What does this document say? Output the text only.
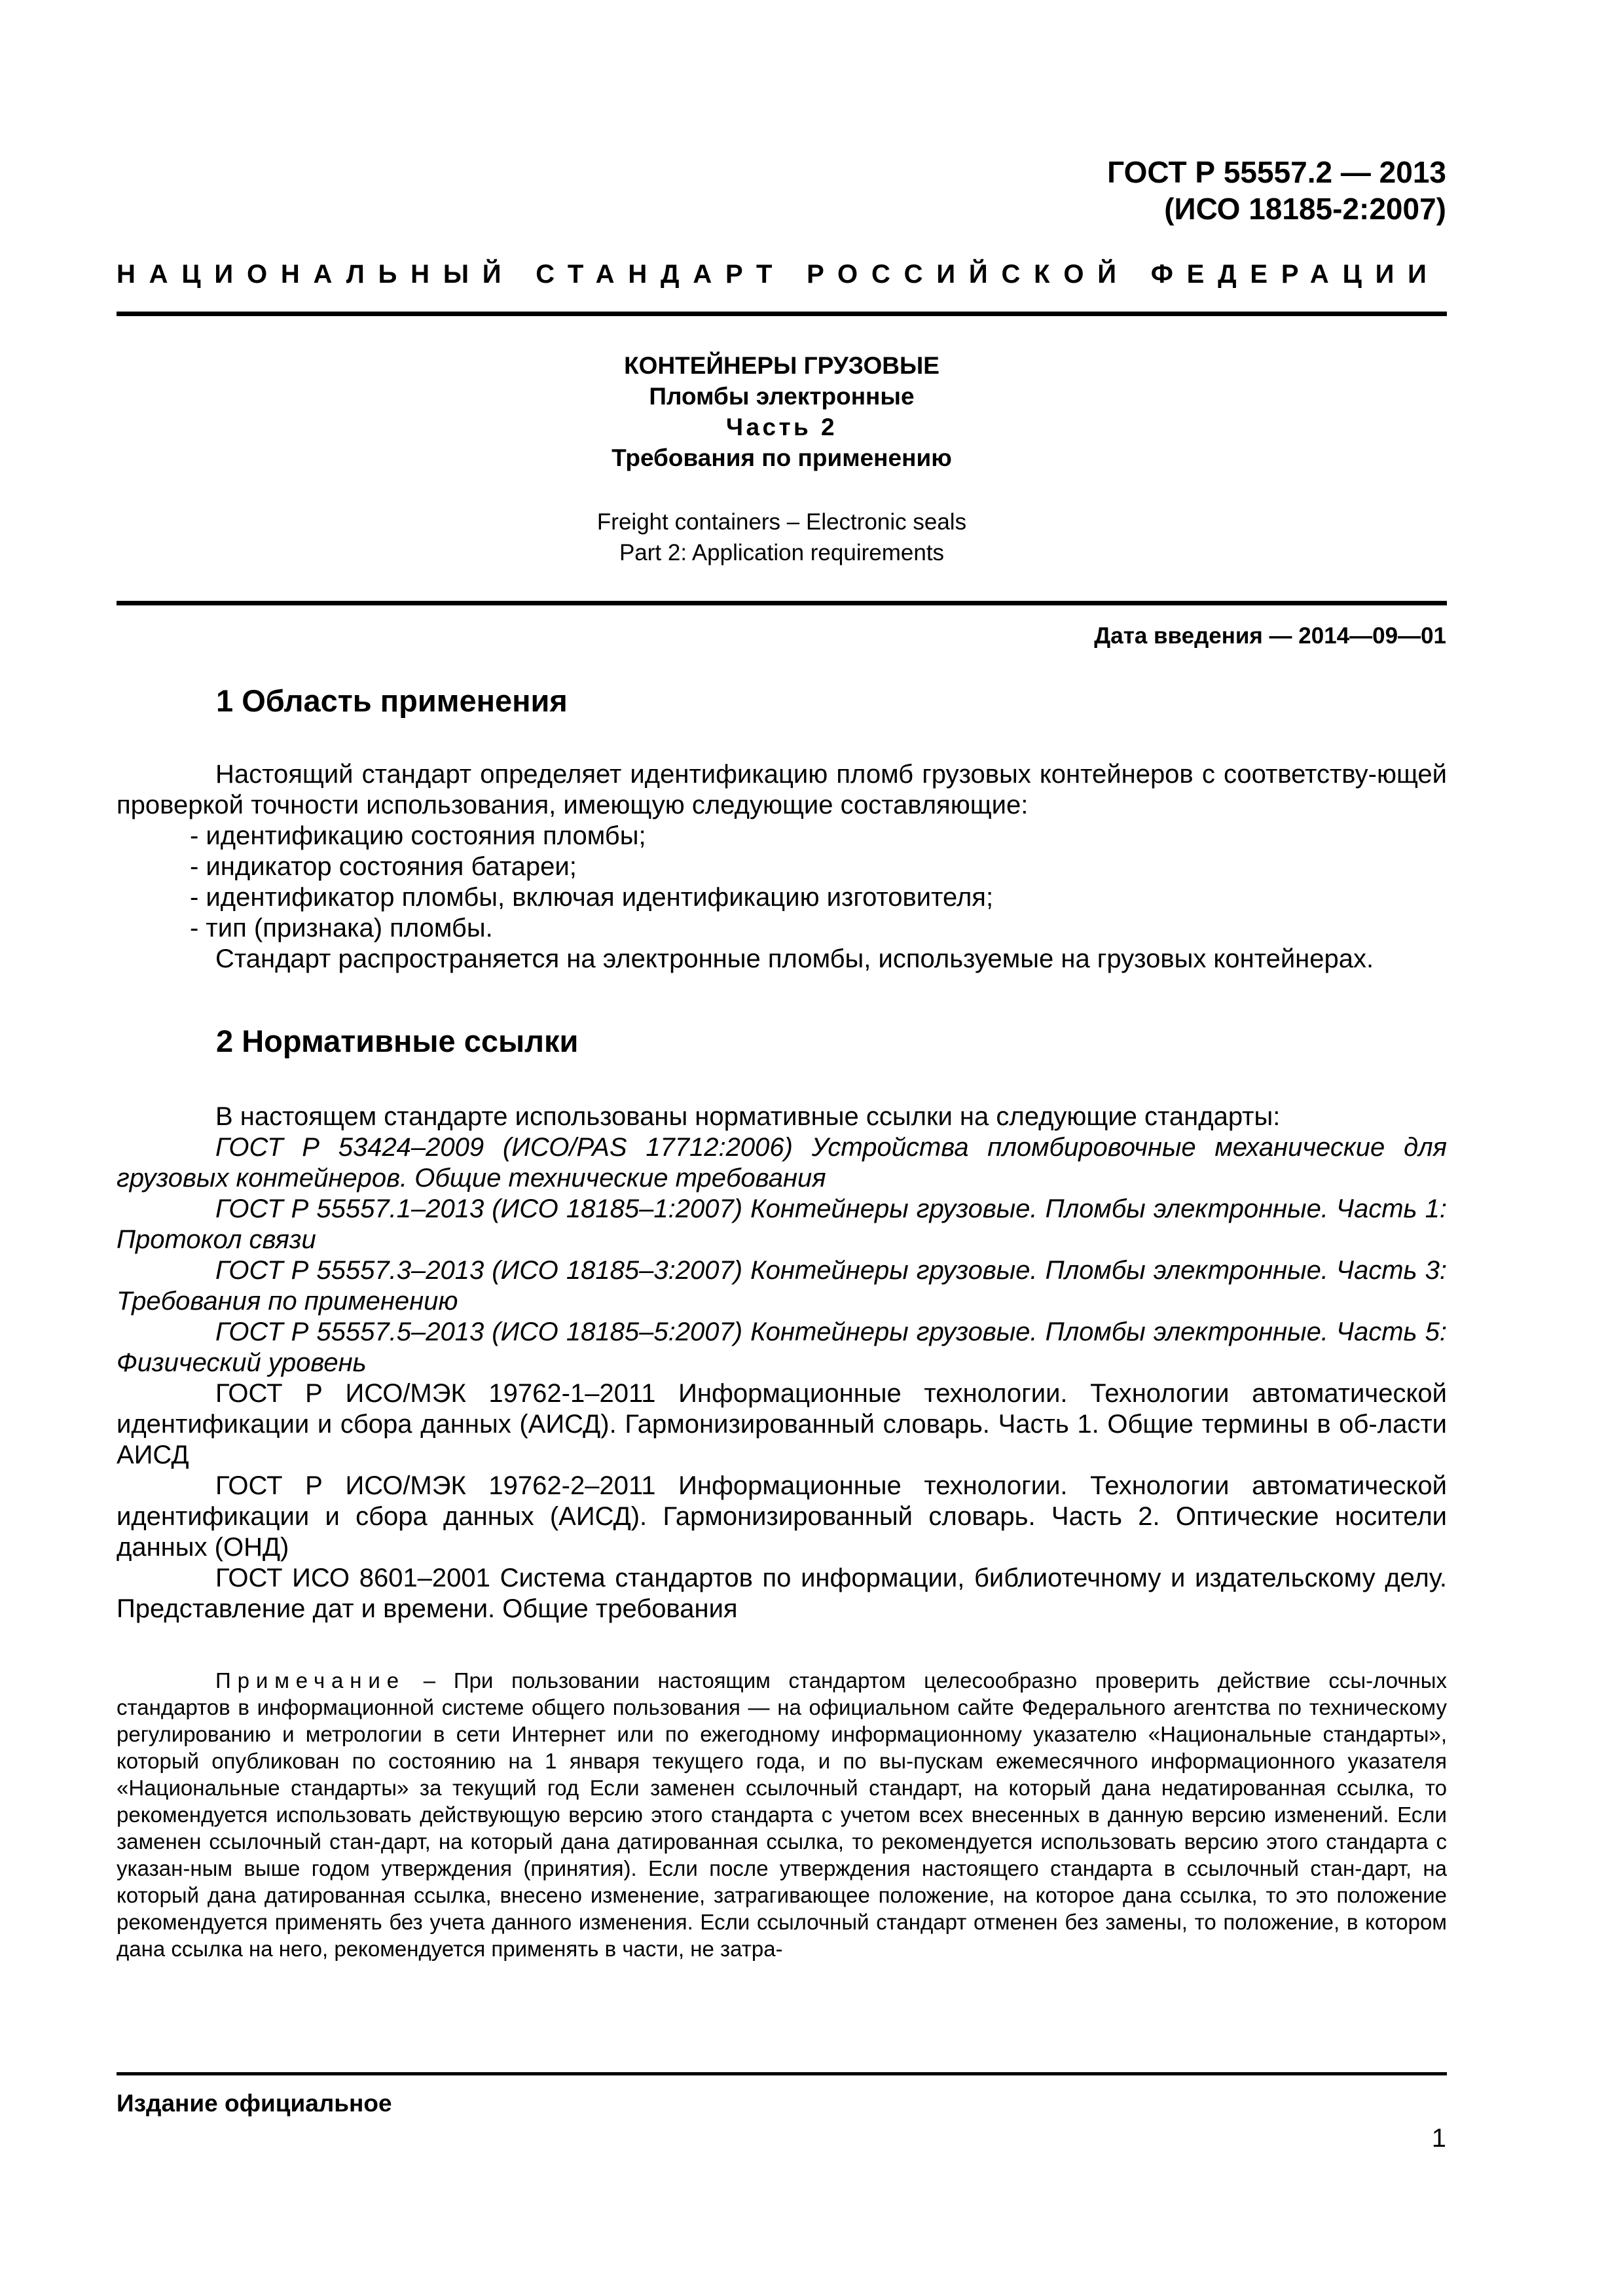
ГОСТ Р 55557.2 — 2013
(ИСО 18185-2:2007)
НАЦИОНАЛЬНЫЙ СТАНДАРТ РОССИЙСКОЙ ФЕДЕРАЦИИ
КОНТЕЙНЕРЫ ГРУЗОВЫЕ
Пломбы электронные
Часть 2
Требования по применению
Freight containers – Electronic seals
Part 2: Application requirements
Дата введения — 2014—09—01
1 Область применения

Настоящий стандарт определяет идентификацию пломб грузовых контейнеров с соответству-ющей проверкой точности использования, имеющую следующие составляющие:

- идентификацию состояния пломбы;

- индикатор состояния батареи;

- идентификатор пломбы, включая идентификацию изготовителя;

- тип (признака) пломбы.

Стандарт распространяется на электронные пломбы, используемые на грузовых контейнерах.

2 Нормативные ссылки

В настоящем стандарте использованы нормативные ссылки на следующие стандарты:

ГОСТ Р 53424–2009 (ИСО/PAS 17712:2006) Устройства пломбировочные механические для грузовых контейнеров. Общие технические требования

ГОСТ Р 55557.1–2013 (ИСО 18185–1:2007) Контейнеры грузовые. Пломбы электронные. Часть 1: Протокол связи

ГОСТ Р 55557.3–2013 (ИСО 18185–3:2007) Контейнеры грузовые. Пломбы электронные. Часть 3: Требования по применению

ГОСТ Р 55557.5–2013 (ИСО 18185–5:2007) Контейнеры грузовые. Пломбы электронные. Часть 5: Физический уровень

ГОСТ Р ИСО/МЭК 19762-1–2011 Информационные технологии. Технологии автоматической идентификации и сбора данных (АИСД). Гармонизированный словарь. Часть 1. Общие термины в об-ласти АИСД

ГОСТ Р ИСО/МЭК 19762-2–2011 Информационные технологии. Технологии автоматической идентификации и сбора данных (АИСД). Гармонизированный словарь. Часть 2. Оптические носители данных (ОНД)

ГОСТ ИСО 8601–2001 Система стандартов по информации, библиотечному и издательскому делу. Представление дат и времени. Общие требования

Примечание – При пользовании настоящим стандартом целесообразно проверить действие ссы-лочных стандартов в информационной системе общего пользования — на официальном сайте Федерального агентства по техническому регулированию и метрологии в сети Интернет или по ежегодному информационному указателю «Национальные стандарты», который опубликован по состоянию на 1 января текущего года, и по вы-пускам ежемесячного информационного указателя «Национальные стандарты» за текущий год Если заменен ссылочный стандарт, на который дана недатированная ссылка, то рекомендуется использовать действующую версию этого стандарта с учетом всех внесенных в данную версию изменений. Если заменен ссылочный стан-дарт, на который дана датированная ссылка, то рекомендуется использовать версию этого стандарта с указан-ным выше годом утверждения (принятия). Если после утверждения настоящего стандарта в ссылочный стан-дарт, на который дана датированная ссылка, внесено изменение, затрагивающее положение, на которое дана ссылка, то это положение рекомендуется применять без учета данного изменения. Если ссылочный стандарт отменен без замены, то положение, в котором дана ссылка на него, рекомендуется применять в части, не затра-
Издание официальное
1
